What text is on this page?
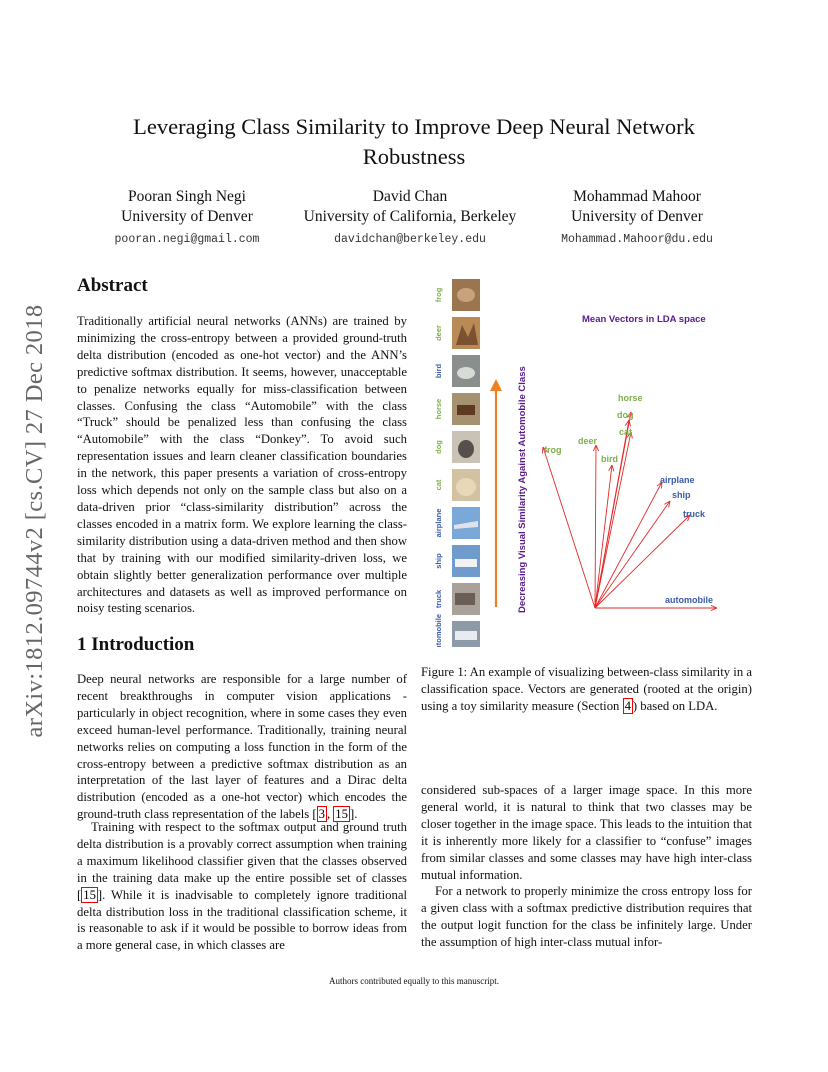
Leveraging Class Similarity to Improve Deep Neural Network
Robustness
Pooran Singh Negi
University of Denver
pooran.negi@gmail.com
David Chan
University of California, Berkeley
davidchan@berkeley.edu
Mohammad Mahoor
University of Denver
Mohammad.Mahoor@du.edu
arXiv:1812.09744v2 [cs.CV] 27 Dec 2018
Abstract

Traditionally artificial neural networks (ANNs) are trained by minimizing the cross-entropy between a provided ground-truth delta distribution (encoded as one-hot vector) and the ANN’s predictive softmax distribution. It seems, however, unacceptable to penalize networks equally for miss-classification between classes. Confusing the class “Automobile” with the class “Truck” should be penalized less than confusing the class “Automobile” with the class “Donkey”. To avoid such representation issues and learn cleaner classification boundaries in the network, this paper presents a variation of cross-entropy loss which depends not only on the sample class but also on a data-driven prior “class-similarity distribution” across the classes encoded in a matrix form. We explore learning the class-similarity distribution using a data-driven method and then show that by training with our modified similarity-driven loss, we obtain slightly better generalization performance over multiple architectures and datasets as well as improved performance on noisy testing scenarios.

1 Introduction

Deep neural networks are responsible for a large number of recent breakthroughs in computer vision applications - particularly in object recognition, where in some cases they even exceed human-level performance. Traditionally, training neural networks relies on computing a loss function in the form of the cross-entropy between a predictive softmax distribution as an interpretation of the last layer of features and a Dirac delta distribution (encoded as a one-hot vector) which encodes the ground-truth class representation of the labels [ 3 , 15 ].

Training with respect to the softmax output and ground truth delta distribution is a provably correct assumption when training a maximum likelihood classifier given that the classes observed in the training data make up the entire possible set of classes [ 15 ]. While it is inadvisable to completely ignore traditional delta distribution loss in the traditional classification scheme, it is reasonable to ask if it would be possible to borrow ideas from a more general case, in which classes are

frog
deer
bird
horse
dog
cat
airplane
ship
truck
automobile
Decreasing Visual Similarity Against Automobile Class
Mean Vectors in LDA space
frog
deer
horse
dog
cat
bird
airplane
ship
truck
automobile

Figure 1: An example of visualizing between-class similarity in a classification space. Vectors are generated (rooted at the origin) using a toy similarity measure (Section 4 ) based on LDA.

considered sub-spaces of a larger image space. In this more general world, it is natural to think that two classes may be closer together in the image space. This leads to the intuition that it is inherently more likely for a classifier to “confuse” images from similar classes and some classes may have high inter-class mutual information.

For a network to properly minimize the cross entropy loss for a given class with a softmax predictive distribution requires that the output logit function for the class be infinitely large. Under the assumption of high inter-class mutual infor-

Authors contributed equally to this manuscript.
